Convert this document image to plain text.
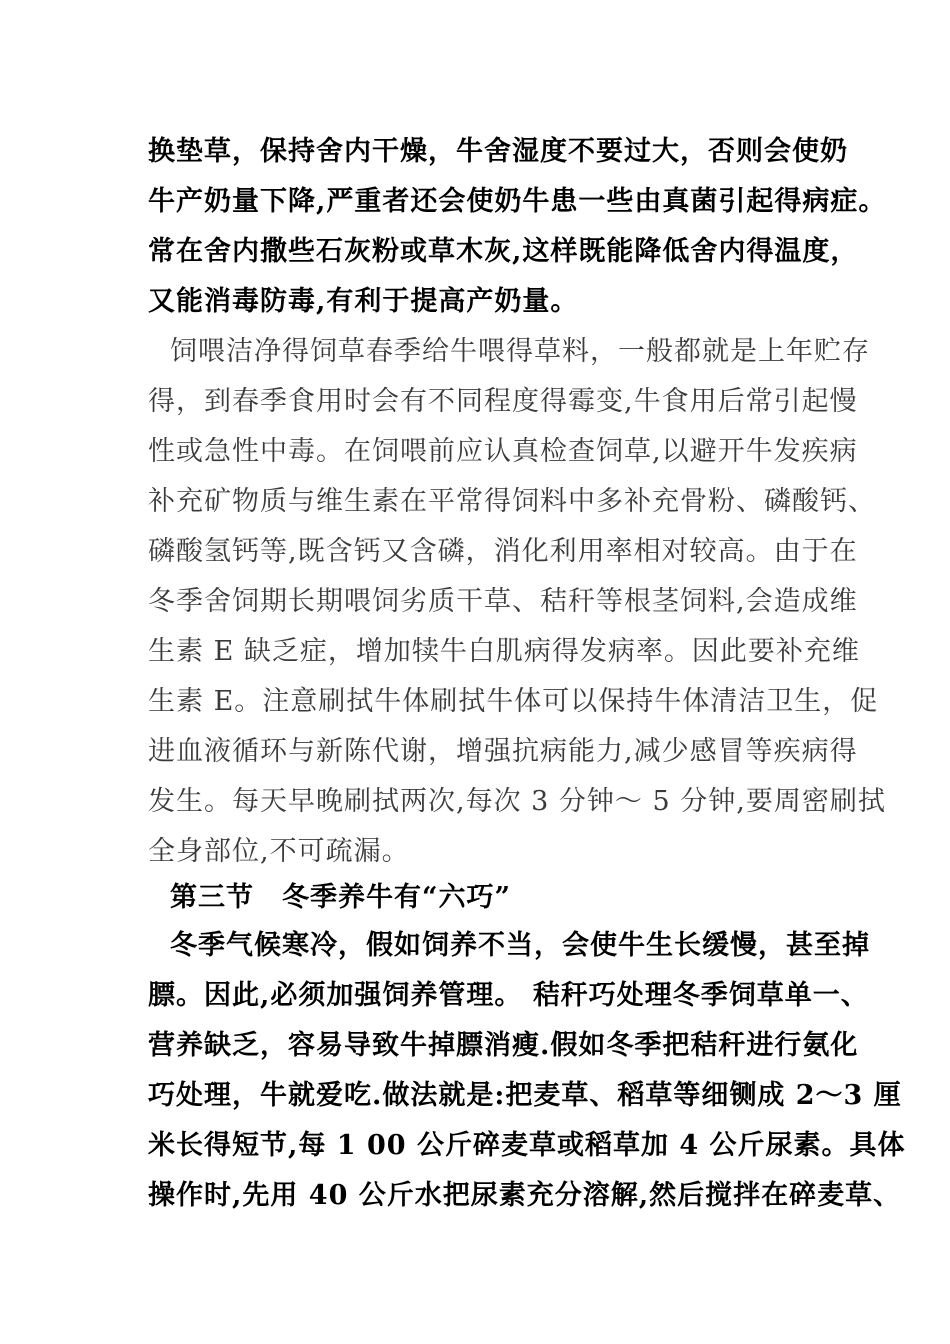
换垫草，保持舍内干燥，牛舍湿度不要过大，否则会使奶
牛产奶量下降,严重者还会使奶牛患一些由真菌引起得病症。
常在舍内撒些石灰粉或草木灰,这样既能降低舍内得温度，
又能消毒防毒,有利于提高产奶量。
饲喂洁净得饲草春季给牛喂得草料，一般都就是上年贮存
得，到春季食用时会有不同程度得霉变,牛食用后常引起慢
性或急性中毒。在饲喂前应认真检查饲草,以避开牛发疾病
补充矿物质与维生素在平常得饲料中多补充骨粉、磷酸钙、
磷酸氢钙等,既含钙又含磷，消化利用率相对较高。由于在
冬季舍饲期长期喂饲劣质干草、秸秆等根茎饲料,会造成维
生素 E 缺乏症，增加犊牛白肌病得发病率。因此要补充维
生素 E。注意刷拭牛体刷拭牛体可以保持牛体清洁卫生，促
进血液循环与新陈代谢，增强抗病能力,减少感冒等疾病得
发生。每天早晚刷拭两次,每次 3 分钟～ 5 分钟,要周密刷拭
全身部位,不可疏漏。
第三节　冬季养牛有“六巧”
冬季气候寒冷，假如饲养不当，会使牛生长缓慢，甚至掉
膘。因此,必须加强饲养管理。 秸秆巧处理冬季饲草单一、
营养缺乏，容易导致牛掉膘消瘦.假如冬季把秸秆进行氨化
巧处理，牛就爱吃.做法就是:把麦草、稻草等细铡成 2～3 厘
米长得短节,每 1 00 公斤碎麦草或稻草加 4 公斤尿素。具体
操作时,先用 40 公斤水把尿素充分溶解,然后搅拌在碎麦草、
